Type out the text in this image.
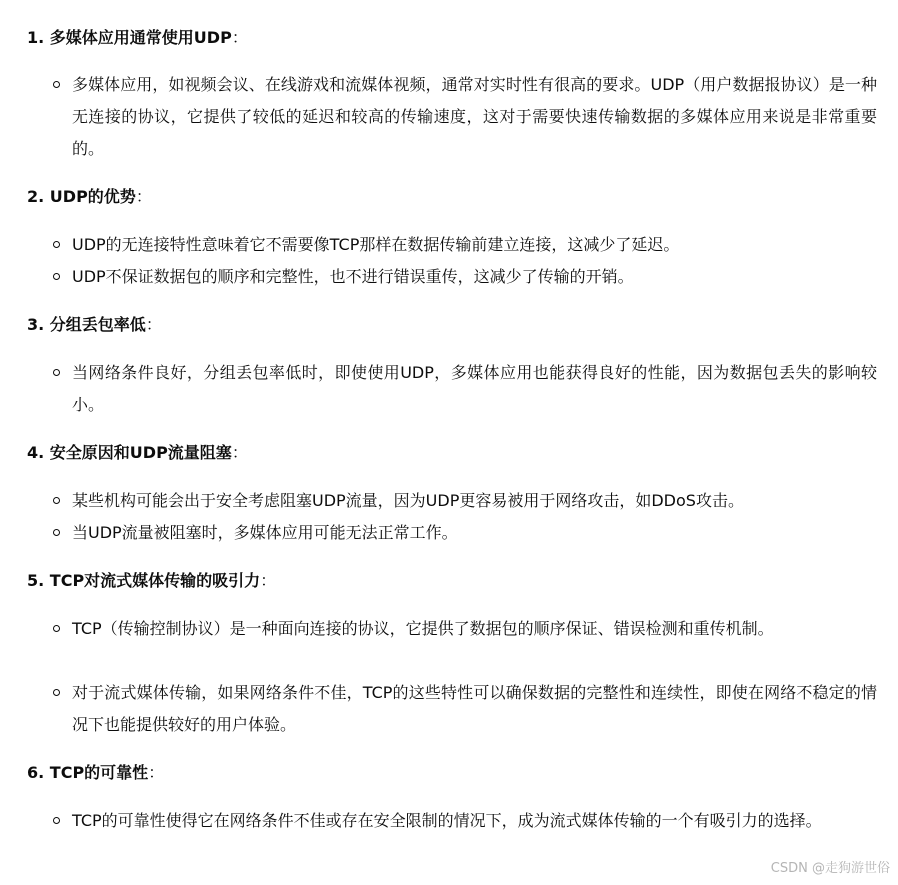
1. 多媒体应用通常使用UDP：
多媒体应用，如视频会议、在线游戏和流媒体视频，通常对实时性有很高的要求。UDP（用户数据报协议）是一种无连接的协议，它提供了较低的延迟和较高的传输速度，这对于需要快速传输数据的多媒体应用来说是非常重要的。
2. UDP的优势：
UDP的无连接特性意味着它不需要像TCP那样在数据传输前建立连接，这减少了延迟。
UDP不保证数据包的顺序和完整性，也不进行错误重传，这减少了传输的开销。
3. 分组丢包率低：
当网络条件良好，分组丢包率低时，即使使用UDP，多媒体应用也能获得良好的性能，因为数据包丢失的影响较小。
4. 安全原因和UDP流量阻塞：
某些机构可能会出于安全考虑阻塞UDP流量，因为UDP更容易被用于网络攻击，如DDoS攻击。
当UDP流量被阻塞时，多媒体应用可能无法正常工作。
5. TCP对流式媒体传输的吸引力：
TCP（传输控制协议）是一种面向连接的协议，它提供了数据包的顺序保证、错误检测和重传机制。
对于流式媒体传输，如果网络条件不佳，TCP的这些特性可以确保数据的完整性和连续性，即使在网络不稳定的情况下也能提供较好的用户体验。
6. TCP的可靠性：
TCP的可靠性使得它在网络条件不佳或存在安全限制的情况下，成为流式媒体传输的一个有吸引力的选择。
CSDN @走狗游世俗
